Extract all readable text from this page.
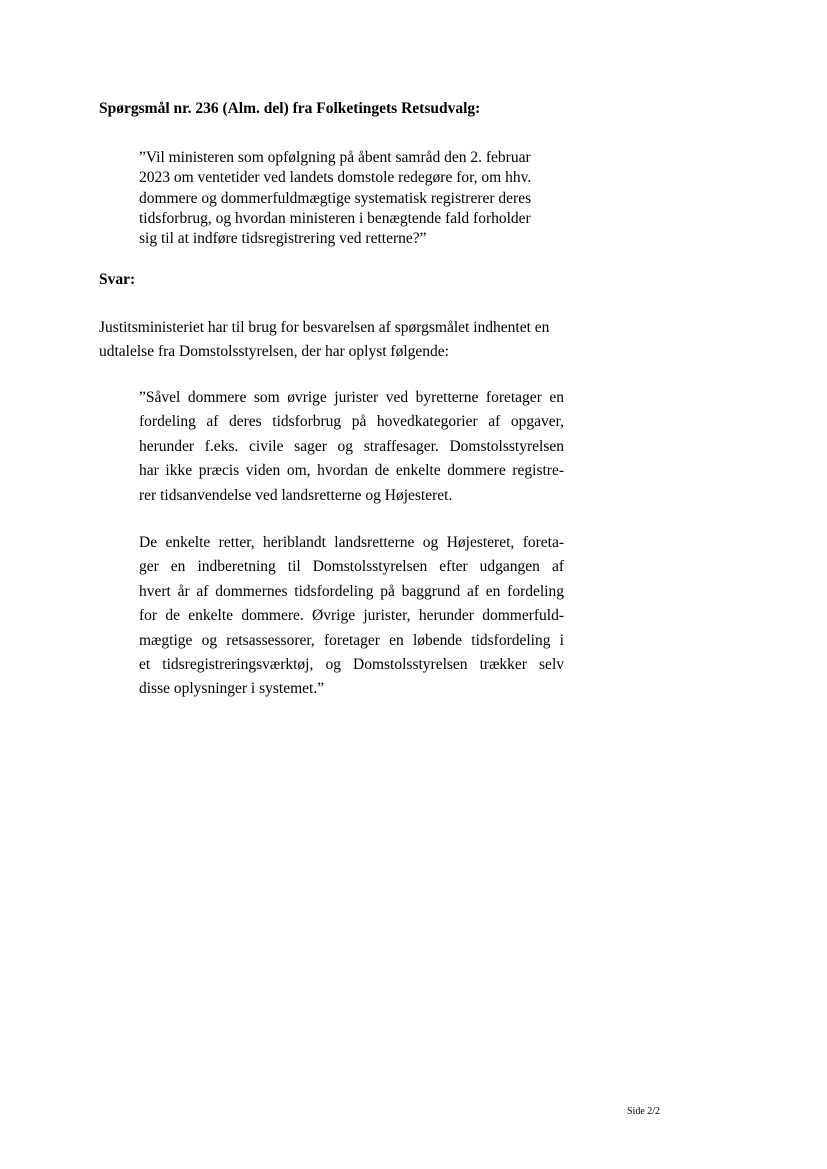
Spørgsmål nr. 236 (Alm. del) fra Folketingets Retsudvalg:

”Vil ministeren som opfølgning på åbent samråd den 2. februar
2023 om ventetider ved landets domstole redegøre for, om hhv.
dommere og dommerfuldmægtige systematisk registrerer deres
tidsforbrug, og hvordan ministeren i benægtende fald forholder
sig til at indføre tidsregistrering ved retterne?”

Svar:

Justitsministeriet har til brug for besvarelsen af spørgsmålet indhentet en
udtalelse fra Domstolsstyrelsen, der har oplyst følgende:
”Såvel dommere som øvrige jurister ved byretterne foretager en
fordeling af deres tidsforbrug på hovedkategorier af opgaver,
herunder f.eks. civile sager og straffesager. Domstolsstyrelsen
har ikke præcis viden om, hvordan de enkelte dommere registre-
rer tidsanvendelse ved landsretterne og Højesteret.
De enkelte retter, heriblandt landsretterne og Højesteret, foreta-
ger en indberetning til Domstolsstyrelsen efter udgangen af
hvert år af dommernes tidsfordeling på baggrund af en fordeling
for de enkelte dommere. Øvrige jurister, herunder dommerfuld-
mægtige og retsassessorer, foretager en løbende tidsfordeling i
et tidsregistreringsværktøj, og Domstolsstyrelsen trækker selv
disse oplysninger i systemet.”

Side 2/2
